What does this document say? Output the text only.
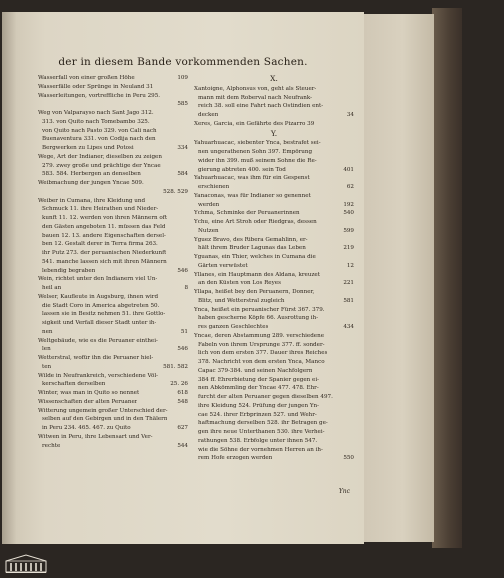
der in diesem Bande vorkommenden Sachen.
Wasserfall von einer großen Höhe	109
Wasserfälle oder Sprünge in Neuland 31
Wasserleitungen, vortreffliche in Peru 295.
585
Weg von Valparayso nach Sant Jago 312.
313. von Quito nach Tomebambo 325.
von Quito nach Pasto 329. von Cali nach
Buenaventura 331. von Codija nach den
Bergwerken zu Lipes und Potosi	334
Wege, Art der Indianer, dieselben zu zeigen
279. zwey große und prächtige der Yncae
583. 584. Herbergen an denselben	584
Weibmachung der jungen Yncae 509.
528. 529
Weiber in Cumana, ihre Kleidung und
Schmuck 11. ihre Heirathen und Nieder-
kunft 11. 12. werden von ihren Männern oft
den Gästen angeboten 11. müssen das Feld
bauen 12. 13. andere Eigenschaften dersel-
ben 12. Gestalt derer in Terra firma 263.
ihr Putz 273. der peruanischen Niederkunft
541. manche lassen sich mit ihren Männern
lebendig begraben	546
Wein, richtet unter den Indianern viel Un-
heil an	8
Welser, Kaufleute in Augsburg, ihnen wird
die Stadt Coro in America abgetreten 50.
lassen sie in Besitz nehmen 51. ihre Gottlo-
sigkeit und Verfall dieser Stadt unter ih-
nen	51
Weltgebäude, wie es die Peruaner einthei-
len	546
Wetterstral, wofür ihn die Peruaner hiel-
ten	581. 582
Wilde in Neufrankreich, verschiedene Völ-
kerschaften derselben	25. 26
Winter, was man in Quito so nennet	618
Wissenschaften der alten Peruaner	548
Witterung ungemein großer Unterschied der-
selben auf den Gebirgen und in den Thälern
in Peru 234. 465. 467. zu Quito	627
Witwen in Peru, ihre Lebensart und Ver-
rechte	544
X.
Xantoigne, Alphonsus von, geht als Steuer-
mann mit dem Roberval nach Neufrank-
reich 38. soll eine Fahrt nach Ostindien ent-
decken	34
Xeres, Garcia, ein Gefährte des Pizarro 39
Y.
Yahuarhuacac, siebenter Ynca, bestrafet sei-
nen ungerathenen Sohn 397. Empörung
wider ihn 399. muß seinem Sohne die Re-
gierung abtreten 400. sein Tod	401
Yahuarhuacac, was ihm für ein Gespenst
erschienen	62
Yanaconas, was für Indianer so genennet
werden	192
Ychma, Schminke der Peruanerinnen	540
Ychu, eine Art Stroh oder Riedgras, dessen
Nutzen	599
Yguez Bravo, des Ribera Gemahlinn, er-
hält ihrem Bruder Lagunas das Leben	219
Yguanas, ein Thier, welches in Cumana die
Gärten verwüstet	12
Yllanes, ein Hauptmann des Aldana, kreuzet
an den Küsten von Los Reyes	221
Yllapa, heißet bey den Peruanern, Donner,
Blitz, und Wetterstral zugleich	581
Ynca, heißet ein peruanischer Fürst 367. 379.
haben gescherne Köpfe 66. Ausrottung ih-
res ganzen Geschlechtes	434
Yncae, deren Abstammung 289. verschiedene
Fabeln von ihrem Ursprunge 377. ff. sonder-
lich von dem ersten 377. Dauer ihres Reiches
378. Nachricht von dem ersten Ynca, Manco
Capac 379-384. und seinen Nachfolgern
384 ff. Ehrerbietung der Spanier gegen ei-
nen Abkömmling der Yncae 477. 478. Ehr-
furcht der alten Peruaner gegen dieselben 497.
ihre Kleidung 524. Prüfung der jungen Yn-
cae 524. ihrer Erbprinzen 527. und Wehr-
haftmachung derselben 528. ihr Betragen ge-
gen ihre neue Unterthanen 530. ihre Verhei-
rathungen 538. Erbfolge unter ihnen 547.
wie die Söhne der vornehmen Herren an ih-
rem Hofe erzogen werden	550
Ync
